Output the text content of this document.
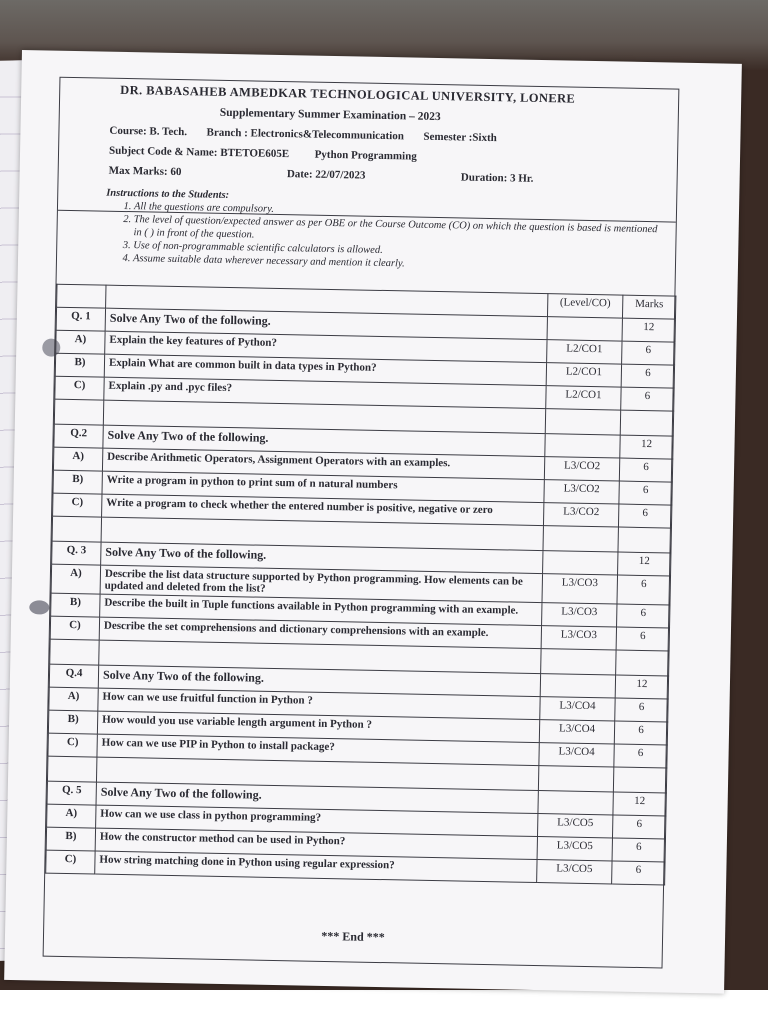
DR. BABASAHEB AMBEDKAR TECHNOLOGICAL UNIVERSITY, LONERE
Supplementary Summer Examination – 2023
Course: B. Tech. Branch : Electronics&Telecommunication Semester :Sixth
Subject Code & Name: BTETOE605E Python Programming
Max Marks: 60	Date: 22/07/2023	Duration: 3 Hr.
Instructions to the Students:
1. All the questions are compulsory.
2. The level of question/expected answer as per OBE or the Course Outcome (CO) on which the question is based is mentioned in ( ) in front of the question.
3. Use of non-programmable scientific calculators is allowed.
4. Assume suitable data wherever necessary and mention it clearly.
		(Level/CO)	Marks
Q. 1	Solve Any Two of the following.		12
A)	Explain the key features of Python?	L2/CO1	6
B)	Explain What are common built in data types in Python?	L2/CO1	6
C)	Explain .py and .pyc files?	L2/CO1	6

Q.2	Solve Any Two of the following.		12
A)	Describe Arithmetic Operators, Assignment Operators with an examples.	L3/CO2	6
B)	Write a program in python to print sum of n natural numbers	L3/CO2	6
C)	Write a program to check whether the entered number is positive, negative or zero	L3/CO2	6

Q. 3	Solve Any Two of the following.		12
A)	Describe the list data structure supported by Python programming. How elements can be updated and deleted from the list?	L3/CO3	6
B)	Describe the built in Tuple functions available in Python programming with an example.	L3/CO3	6
C)	Describe the set comprehensions and dictionary comprehensions with an example.	L3/CO3	6

Q.4	Solve Any Two of the following.		12
A)	How can we use fruitful function in Python ?	L3/CO4	6
B)	How would you use variable length argument in Python ?	L3/CO4	6
C)	How can we use PIP in Python to install package?	L3/CO4	6

Q. 5	Solve Any Two of the following.		12
A)	How can we use class in python programming?	L3/CO5	6
B)	How the constructor method can be used in Python?	L3/CO5	6
C)	How string matching done in Python using regular expression?	L3/CO5	6
*** End ***
